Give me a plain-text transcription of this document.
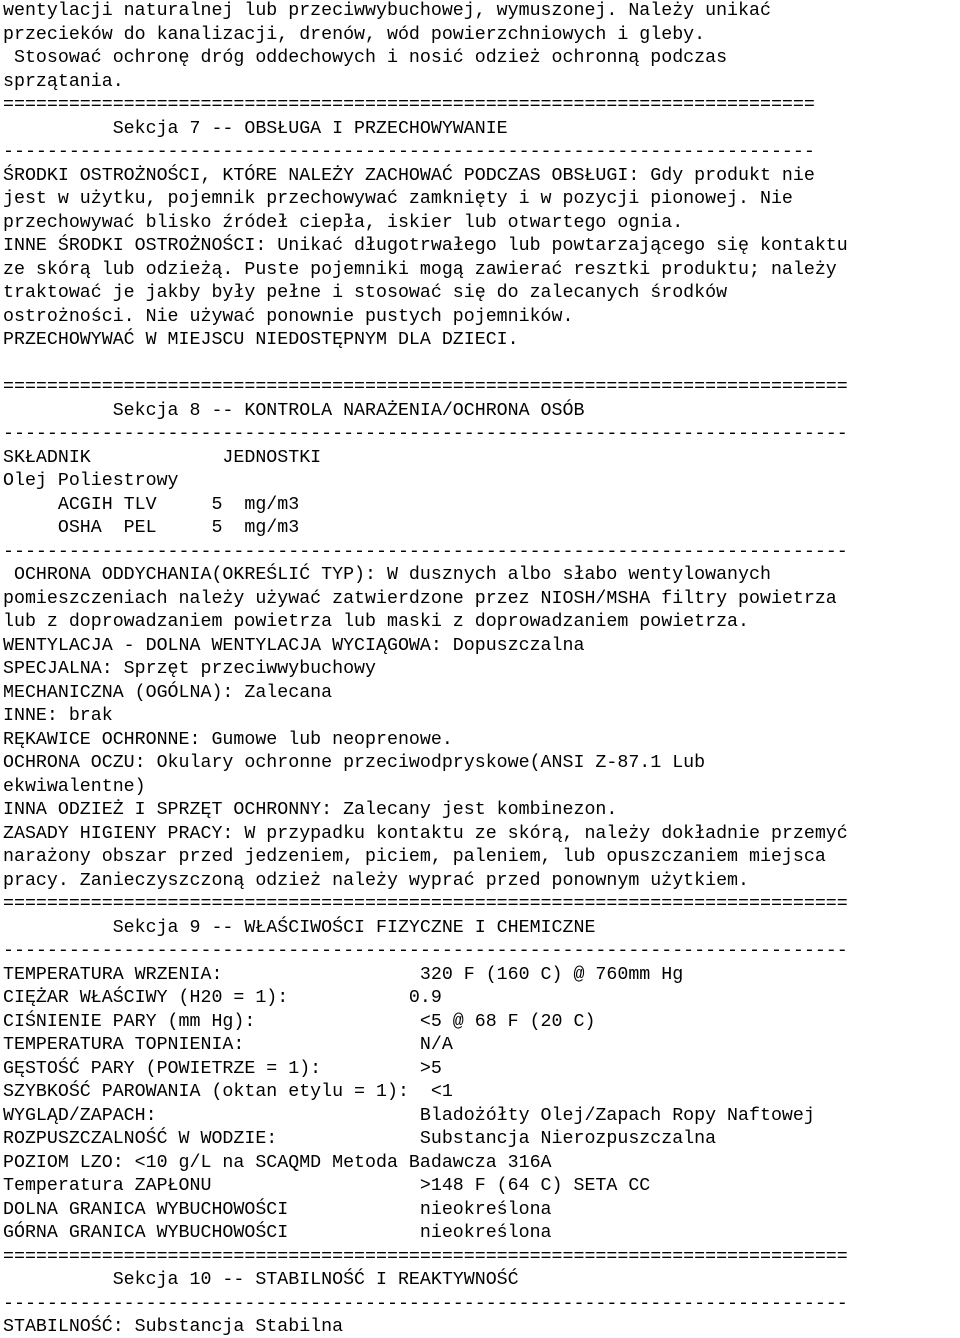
wentylacji naturalnej lub przeciwwybuchowej, wymuszonej. Należy unikać
przecieków do kanalizacji, drenów, wód powierzchniowych i gleby.
Stosować ochronę dróg oddechowych i nosić odzież ochronną podczas
sprzątania.
==========================================================================
Sekcja 7 -- OBSŁUGA I PRZECHOWYWANIE
--------------------------------------------------------------------------
ŚRODKI OSTROŻNOŚCI, KTÓRE NALEŻY ZACHOWAĆ PODCZAS OBSŁUGI: Gdy produkt nie
jest w użytku, pojemnik przechowywać zamknięty i w pozycji pionowej. Nie
przechowywać blisko źródeł ciepła, iskier lub otwartego ognia.
INNE ŚRODKI OSTROŻNOŚCI: Unikać długotrwałego lub powtarzającego się kontaktu
ze skórą lub odzieżą. Puste pojemniki mogą zawierać resztki produktu; należy
traktować je jakby były pełne i stosować się do zalecanych środków
ostrożności. Nie używać ponownie pustych pojemników.
PRZECHOWYWAĆ W MIEJSCU NIEDOSTĘPNYM DLA DZIECI.
=============================================================================
Sekcja 8 -- KONTROLA NARAŻENIA/OCHRONA OSÓB
-----------------------------------------------------------------------------
SKŁADNIK            JEDNOSTKI
Olej Poliestrowy
ACGIH TLV     5  mg/m3
OSHA  PEL     5  mg/m3
-----------------------------------------------------------------------------
OCHRONA ODDYCHANIA(OKREŚLIĆ TYP): W dusznych albo słabo wentylowanych
pomieszczeniach należy używać zatwierdzone przez NIOSH/MSHA filtry powietrza
lub z doprowadzaniem powietrza lub maski z doprowadzaniem powietrza.
WENTYLACJA - DOLNA WENTYLACJA WYCIĄGOWA: Dopuszczalna
SPECJALNA: Sprzęt przeciwwybuchowy
MECHANICZNA (OGÓLNA): Zalecana
INNE: brak
RĘKAWICE OCHRONNE: Gumowe lub neoprenowe.
OCHRONA OCZU: Okulary ochronne przeciwodpryskowe(ANSI Z-87.1 Lub
ekwiwalentne)
INNA ODZIEŻ I SPRZĘT OCHRONNY: Zalecany jest kombinezon.
ZASADY HIGIENY PRACY: W przypadku kontaktu ze skórą, należy dokładnie przemyć
narażony obszar przed jedzeniem, piciem, paleniem, lub opuszczaniem miejsca
pracy. Zanieczyszczoną odzież należy wyprać przed ponownym użytkiem.
=============================================================================
Sekcja 9 -- WŁAŚCIWOŚCI FIZYCZNE I CHEMICZNE
-----------------------------------------------------------------------------
TEMPERATURA WRZENIA:                  320 F (160 C) @ 760mm Hg
CIĘŻAR WŁAŚCIWY (H20 = 1):           0.9
CIŚNIENIE PARY (mm Hg):               <5 @ 68 F (20 C)
TEMPERATURA TOPNIENIA:                N/A
GĘSTOŚĆ PARY (POWIETRZE = 1):         >5
SZYBKOŚĆ PAROWANIA (oktan etylu = 1):  <1
WYGLĄD/ZAPACH:                        Bladożółty Olej/Zapach Ropy Naftowej
ROZPUSZCZALNOŚĆ W WODZIE:             Substancja Nierozpuszczalna
POZIOM LZO: <10 g/L na SCAQMD Metoda Badawcza 316A
Temperatura ZAPŁONU                   >148 F (64 C) SETA CC
DOLNA GRANICA WYBUCHOWOŚCI            nieokreślona
GÓRNA GRANICA WYBUCHOWOŚCI            nieokreślona
=============================================================================
Sekcja 10 -- STABILNOŚĆ I REAKTYWNOŚĆ
-----------------------------------------------------------------------------
STABILNOŚĆ: Substancja Stabilna
